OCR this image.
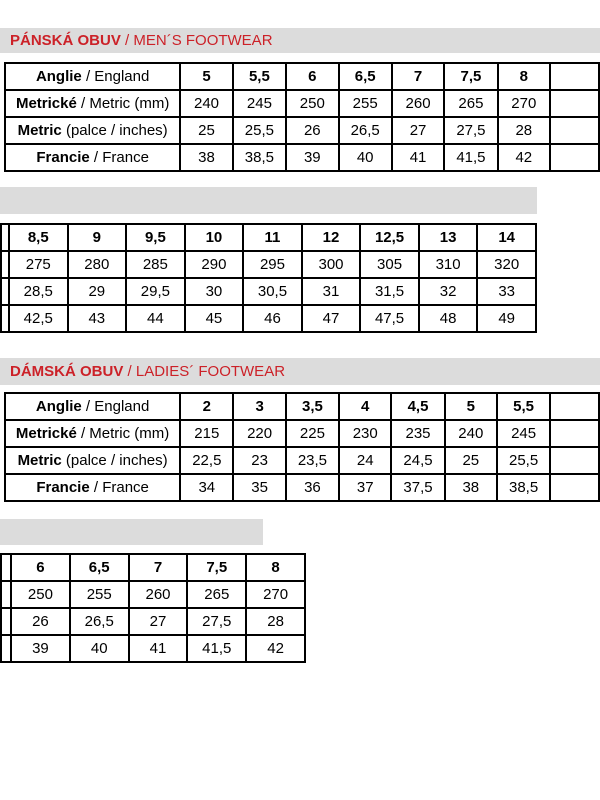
PÁNSKÁ OBUV / MEN´S FOOTWEAR
Anglie / England	5	5,5	6	6,5	7	7,5	8	
Metrické / Metric (mm)	240	245	250	255	260	265	270	
Metric (palce / inches)	25	25,5	26	26,5	27	27,5	28	
Francie / France	38	38,5	39	40	41	41,5	42	
	8,5	9	9,5	10	11	12	12,5	13	14
	275	280	285	290	295	300	305	310	320
	28,5	29	29,5	30	30,5	31	31,5	32	33
	42,5	43	44	45	46	47	47,5	48	49
DÁMSKÁ OBUV / LADIES´ FOOTWEAR
Anglie / England	2	3	3,5	4	4,5	5	5,5	
Metrické / Metric (mm)	215	220	225	230	235	240	245	
Metric (palce / inches)	22,5	23	23,5	24	24,5	25	25,5	
Francie / France	34	35	36	37	37,5	38	38,5	
	6	6,5	7	7,5	8
	250	255	260	265	270
	26	26,5	27	27,5	28
	39	40	41	41,5	42
